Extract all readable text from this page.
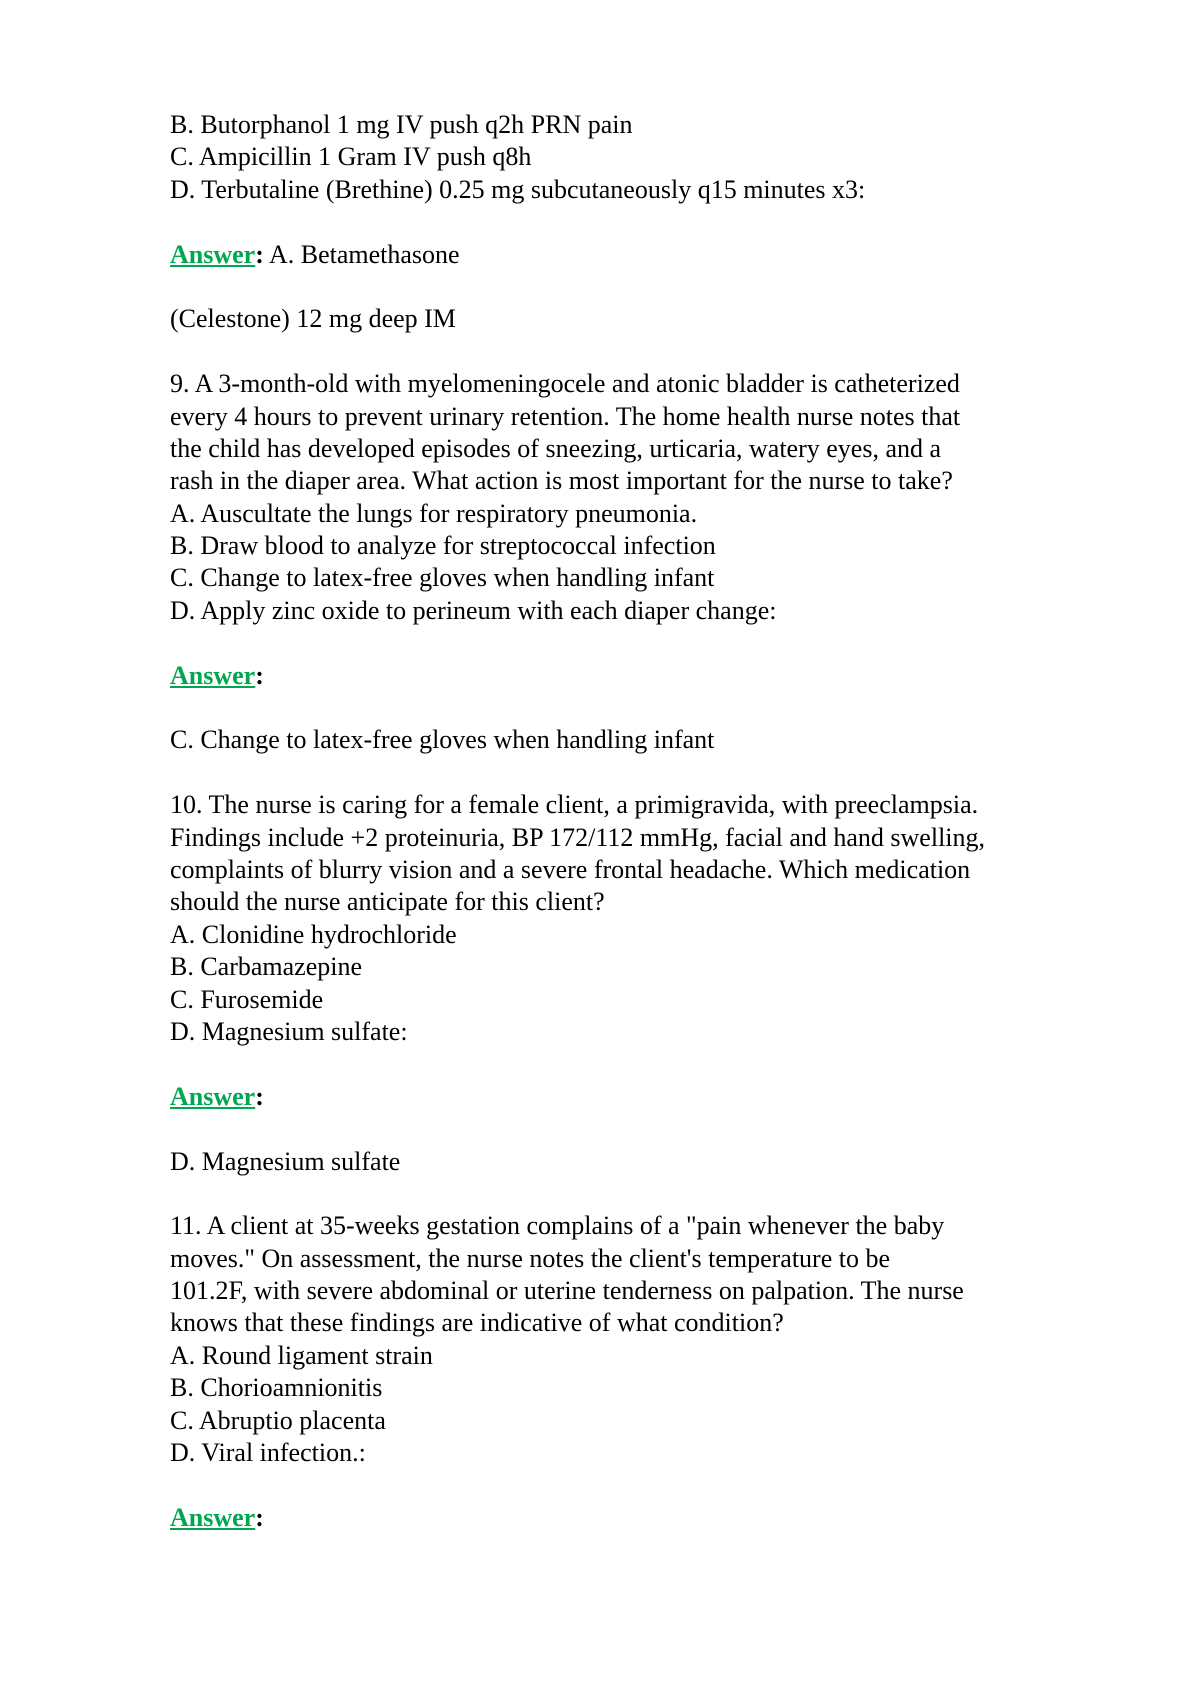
B. Butorphanol 1 mg IV push q2h PRN pain

C. Ampicillin 1 Gram IV push q8h

D. Terbutaline (Brethine) 0.25 mg subcutaneously q15 minutes x3:

Answer: A. Betamethasone

(Celestone) 12 mg deep IM

9. A 3-month-old with myelomeningocele and atonic bladder is catheterized

every 4 hours to prevent urinary retention. The home health nurse notes that

the child has developed episodes of sneezing, urticaria, watery eyes, and a

rash in the diaper area. What action is most important for the nurse to take?

A. Auscultate the lungs for respiratory pneumonia.

B. Draw blood to analyze for streptococcal infection

C. Change to latex-free gloves when handling infant

D. Apply zinc oxide to perineum with each diaper change:

Answer:

C. Change to latex-free gloves when handling infant

10. The nurse is caring for a female client, a primigravida, with preeclampsia.

Findings include +2 proteinuria, BP 172/112 mmHg, facial and hand swelling,

complaints of blurry vision and a severe frontal headache. Which medication

should the nurse anticipate for this client?

A. Clonidine hydrochloride

B. Carbamazepine

C. Furosemide

D. Magnesium sulfate:

Answer:

D. Magnesium sulfate

11. A client at 35-weeks gestation complains of a "pain whenever the baby

moves." On assessment, the nurse notes the client's temperature to be

101.2F, with severe abdominal or uterine tenderness on palpation. The nurse

knows that these findings are indicative of what condition?

A. Round ligament strain

B. Chorioamnionitis

C. Abruptio placenta

D. Viral infection.:

Answer:
